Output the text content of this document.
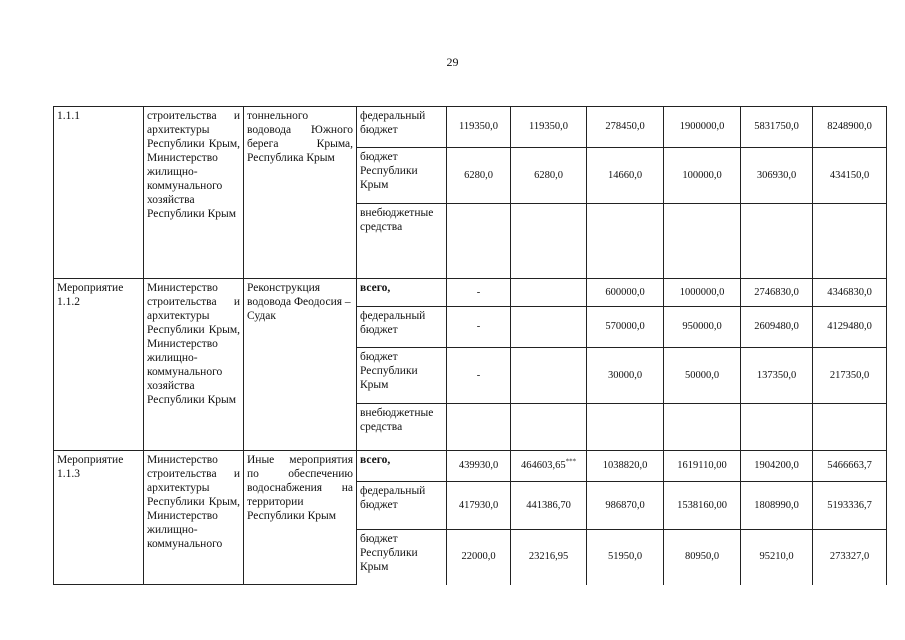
29
1.1.1	строительства и архитектуры Республики Крым, Министерство жилищно-коммунального хозяйства Республики Крым	тоннельного водовода Южного берега Крыма, Республика Крым	федеральный бюджет	119350,0	119350,0	278450,0	1900000,0	5831750,0	8248900,0
			бюджет Республики Крым	6280,0	6280,0	14660,0	100000,0	306930,0	434150,0
			внебюджетные средства						
Мероприятие 1.1.2	Министерство строительства и архитектуры Республики Крым, Министерство жилищно-коммунального хозяйства Республики Крым	Реконструкция водовода Феодосия – Судак	всего,	-		600000,0	1000000,0	2746830,0	4346830,0
			федеральный бюджет	-		570000,0	950000,0	2609480,0	4129480,0
			бюджет Республики Крым	-		30000,0	50000,0	137350,0	217350,0
			внебюджетные средства						
Мероприятие 1.1.3	Министерство строительства и архитектуры Республики Крым, Министерство жилищно-коммунального	Иные мероприятия по обеспечению водоснабжения на территории Республики Крым	всего,	439930,0	464603,65***	1038820,0	1619110,00	1904200,0	5466663,7
			федеральный бюджет	417930,0	441386,70	986870,0	1538160,00	1808990,0	5193336,7
			бюджет Республики Крым	22000,0	23216,95	51950,0	80950,0	95210,0	273327,0
